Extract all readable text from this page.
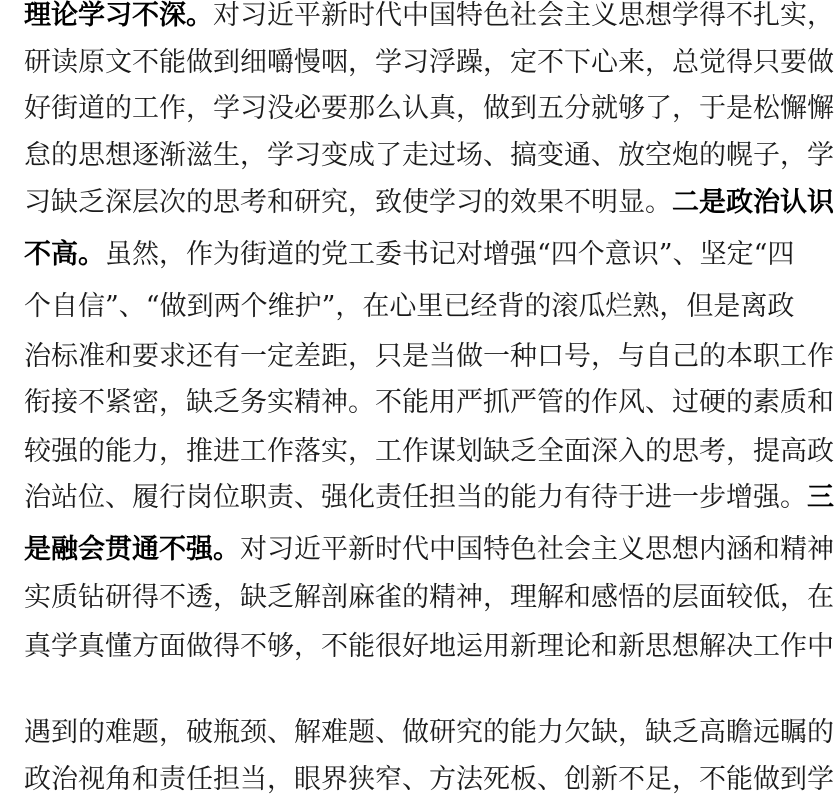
理论学习不深。对习近平新时代中国特色社会主义思想学得不扎实，
研读原文不能做到细嚼慢咽，学习浮躁，定不下心来，总觉得只要做
好街道的工作，学习没必要那么认真，做到五分就够了，于是松懈懈
怠的思想逐渐滋生，学习变成了走过场、搞变通、放空炮的幌子，学
习缺乏深层次的思考和研究，致使学习的效果不明显。二是政治认识
不高。虽然，作为街道的党工委书记对增强“四个意识”、坚定“四
个自信”、“做到两个维护”，在心里已经背的滚瓜烂熟，但是离政
治标准和要求还有一定差距，只是当做一种口号，与自己的本职工作
衔接不紧密，缺乏务实精神。不能用严抓严管的作风、过硬的素质和
较强的能力，推进工作落实，工作谋划缺乏全面深入的思考，提高政
治站位、履行岗位职责、强化责任担当的能力有待于进一步增强。三
是融会贯通不强。对习近平新时代中国特色社会主义思想内涵和精神
实质钻研得不透，缺乏解剖麻雀的精神，理解和感悟的层面较低，在
真学真懂方面做得不够，不能很好地运用新理论和新思想解决工作中
遇到的难题，破瓶颈、解难题、做研究的能力欠缺，缺乏高瞻远瞩的
政治视角和责任担当，眼界狭窄、方法死板、创新不足，不能做到学
